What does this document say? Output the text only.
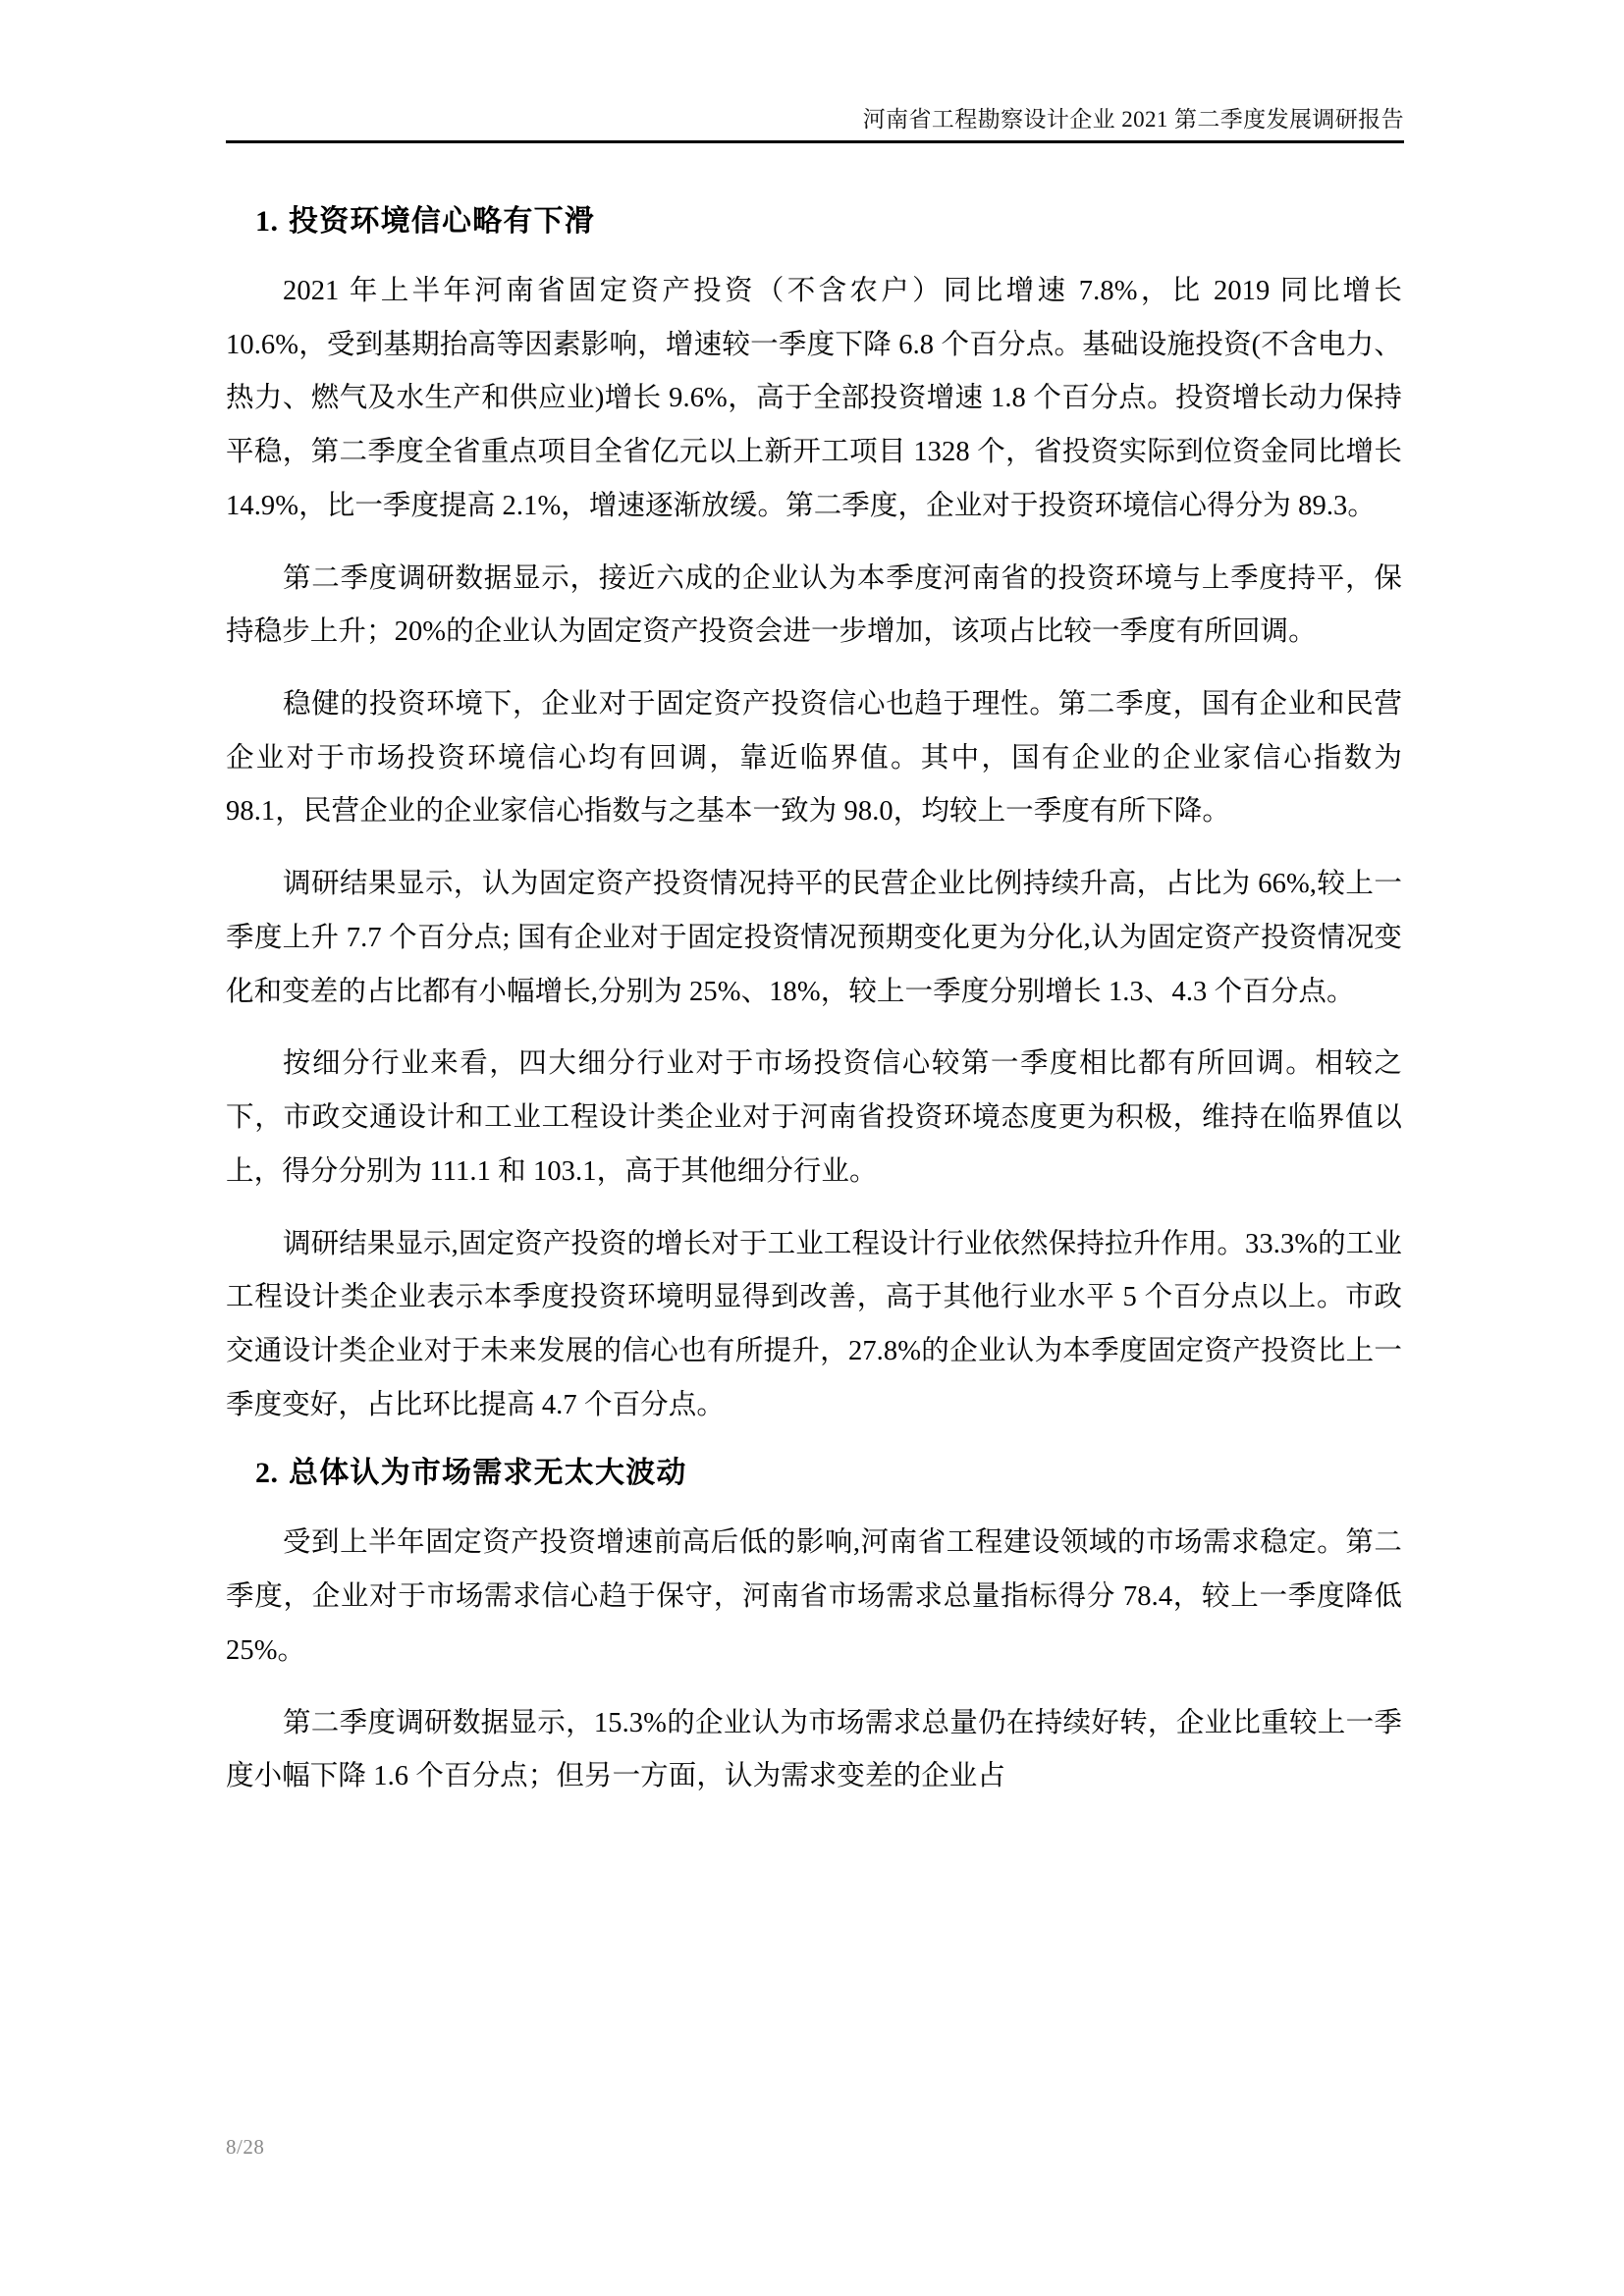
河南省工程勘察设计企业 2021 第二季度发展调研报告
1. 投资环境信心略有下滑

2021 年上半年河南省固定资产投资（不含农户）同比增速 7.8%，比 2019 同比增长 10.6%，受到基期抬高等因素影响，增速较一季度下降 6.8 个百分点。基础设施投资(不含电力、热力、燃气及水生产和供应业)增长 9.6%，高于全部投资增速 1.8 个百分点。投资增长动力保持平稳，第二季度全省重点项目全省亿元以上新开工项目 1328 个，省投资实际到位资金同比增长 14.9%，比一季度提高 2.1%，增速逐渐放缓。第二季度，企业对于投资环境信心得分为 89.3。

第二季度调研数据显示，接近六成的企业认为本季度河南省的投资环境与上季度持平，保持稳步上升；20%的企业认为固定资产投资会进一步增加，该项占比较一季度有所回调。

稳健的投资环境下，企业对于固定资产投资信心也趋于理性。第二季度，国有企业和民营企业对于市场投资环境信心均有回调，靠近临界值。其中，国有企业的企业家信心指数为 98.1，民营企业的企业家信心指数与之基本一致为 98.0，均较上一季度有所下降。

调研结果显示，认为固定资产投资情况持平的民营企业比例持续升高，占比为 66%,较上一季度上升 7.7 个百分点; 国有企业对于固定投资情况预期变化更为分化,认为固定资产投资情况变化和变差的占比都有小幅增长,分别为 25%、18%，较上一季度分别增长 1.3、4.3 个百分点。

按细分行业来看，四大细分行业对于市场投资信心较第一季度相比都有所回调。相较之下，市政交通设计和工业工程设计类企业对于河南省投资环境态度更为积极，维持在临界值以上，得分分别为 111.1 和 103.1，高于其他细分行业。

调研结果显示,固定资产投资的增长对于工业工程设计行业依然保持拉升作用。33.3%的工业工程设计类企业表示本季度投资环境明显得到改善，高于其他行业水平 5 个百分点以上。市政交通设计类企业对于未来发展的信心也有所提升，27.8%的企业认为本季度固定资产投资比上一季度变好，占比环比提高 4.7 个百分点。

2. 总体认为市场需求无太大波动

受到上半年固定资产投资增速前高后低的影响,河南省工程建设领域的市场需求稳定。第二季度，企业对于市场需求信心趋于保守，河南省市场需求总量指标得分 78.4，较上一季度降低 25%。

第二季度调研数据显示，15.3%的企业认为市场需求总量仍在持续好转，企业比重较上一季度小幅下降 1.6 个百分点；但另一方面，认为需求变差的企业占

8/28
